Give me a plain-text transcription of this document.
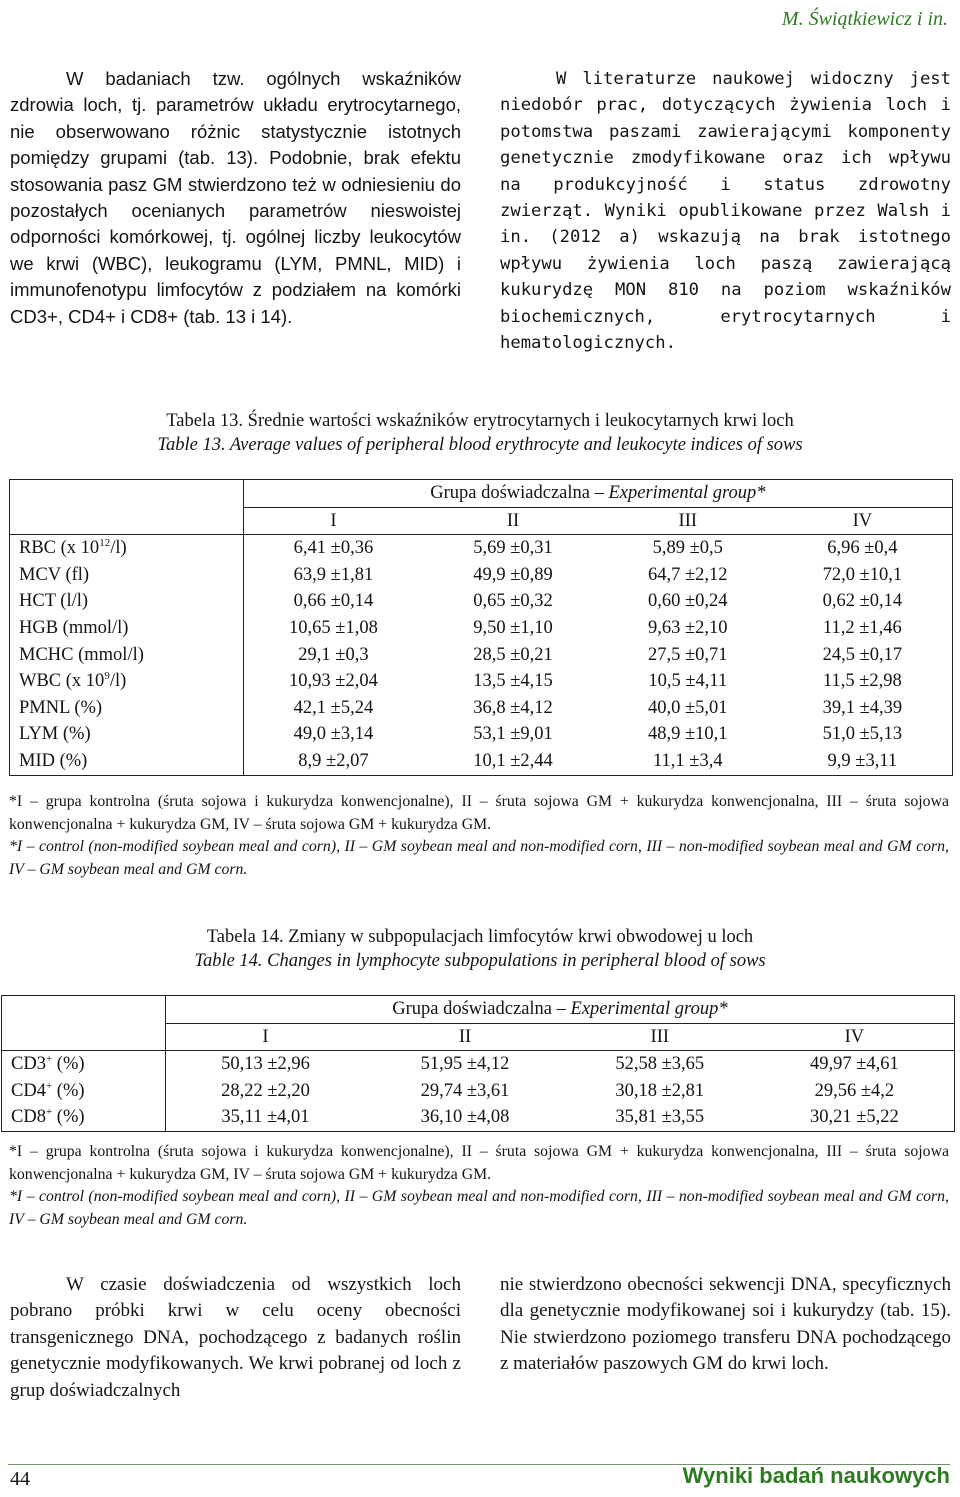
M. Świątkiewicz i in.

W badaniach tzw. ogólnych wskaźników zdrowia loch, tj. parametrów układu erytrocytarnego, nie obserwowano różnic statystycznie istotnych pomiędzy grupami (tab. 13). Podobnie, brak efektu stosowania pasz GM stwierdzono też w odniesieniu do pozostałych ocenianych parametrów nieswoistej odporności komórkowej, tj. ogólnej liczby leukocytów we krwi (WBC), leukogramu (LYM, PMNL, MID) i immunofenotypu limfocytów z podziałem na komórki CD3+, CD4+ i CD8+ (tab. 13 i 14).

W literaturze naukowej widoczny jest niedobór prac, dotyczących żywienia loch i potomstwa paszami zawierającymi komponenty genetycznie zmodyfikowane oraz ich wpływu na produkcyjność i status zdrowotny zwierząt. Wyniki opublikowane przez Walsh i in. (2012 a) wskazują na brak istotnego wpływu żywienia loch paszą zawierającą kukurydzę MON 810 na poziom wskaźników biochemicznych, erytrocytarnych i hematologicznych.

Tabela 13. Średnie wartości wskaźników erytrocytarnych i leukocytarnych krwi loch
Table 13. Average values of peripheral blood erythrocyte and leukocyte indices of sows
	Grupa doświadczalna – Experimental group*			
	I	II	III	IV
RBC (x $10^{12}/l$)	6,41 ±0,36	5,69 ±0,31	5,89 ±0,5	6,96 ±0,4
MCV (fl)	63,9 ±1,81	49,9 ±0,89	64,7 ±2,12	72,0 ±10,1
HCT (l/l)	0,66 ±0,14	0,65 ±0,32	0,60 ±0,24	0,62 ±0,14
HGB (mmol/l)	10,65 ±1,08	9,50 ±1,10	9,63 ±2,10	11,2 ±1,46
MCHC (mmol/l)	29,1 ±0,3	28,5 ±0,21	27,5 ±0,71	24,5 ±0,17
WBC (x $10^9/l$)	10,93 ±2,04	13,5 ±4,15	10,5 ±4,11	11,5 ±2,98
PMNL (%)	42,1 ±5,24	36,8 ±4,12	40,0 ±5,01	39,1 ±4,39
LYM (%)	49,0 ±3,14	53,1 ±9,01	48,9 ±10,1	51,0 ±5,13
MID (%)	8,9 ±2,07	10,1 ±2,44	11,1 ±3,4	9,9 ±3,11
*I – grupa kontrolna (śruta sojowa i kukurydza konwencjonalne), II – śruta sojowa GM + kukurydza konwencjonalna, III – śruta sojowa konwencjonalna + kukurydza GM, IV – śruta sojowa GM + kukurydza GM.
*I – control (non-modified soybean meal and corn), II – GM soybean meal and non-modified corn, III – non-modified soybean meal and GM corn, IV – GM soybean meal and GM corn.
Tabela 14. Zmiany w subpopulacjach limfocytów krwi obwodowej u loch
Table 14. Changes in lymphocyte subpopulations in peripheral blood of sows
	Grupa doświadczalna – Experimental group*			
	I	II	III	IV
CD3+ (%)	50,13 ±2,96	51,95 ±4,12	52,58 ±3,65	49,97 ±4,61
CD4+ (%)	28,22 ±2,20	29,74 ±3,61	30,18 ±2,81	29,56 ±4,2
CD8+ (%)	35,11 ±4,01	36,10 ±4,08	35,81 ±3,55	30,21 ±5,22
*I – grupa kontrolna (śruta sojowa i kukurydza konwencjonalne), II – śruta sojowa GM + kukurydza konwencjonalna, III – śruta sojowa konwencjonalna + kukurydza GM, IV – śruta sojowa GM + kukurydza GM.
*I – control (non-modified soybean meal and corn), II – GM soybean meal and non-modified corn, III – non-modified soybean meal and GM corn, IV – GM soybean meal and GM corn.

W czasie doświadczenia od wszystkich loch pobrano próbki krwi w celu oceny obecności transgenicznego DNA, pochodzącego z badanych roślin genetycznie modyfikowanych. We krwi pobranej od loch z grup doświadczalnych

nie stwierdzono obecności sekwencji DNA, specyficznych dla genetycznie modyfikowanej soi i kukurydzy (tab. 15). Nie stwierdzono poziomego transferu DNA pochodzącego z materiałów paszowych GM do krwi loch.

44	Wyniki badań naukowych
